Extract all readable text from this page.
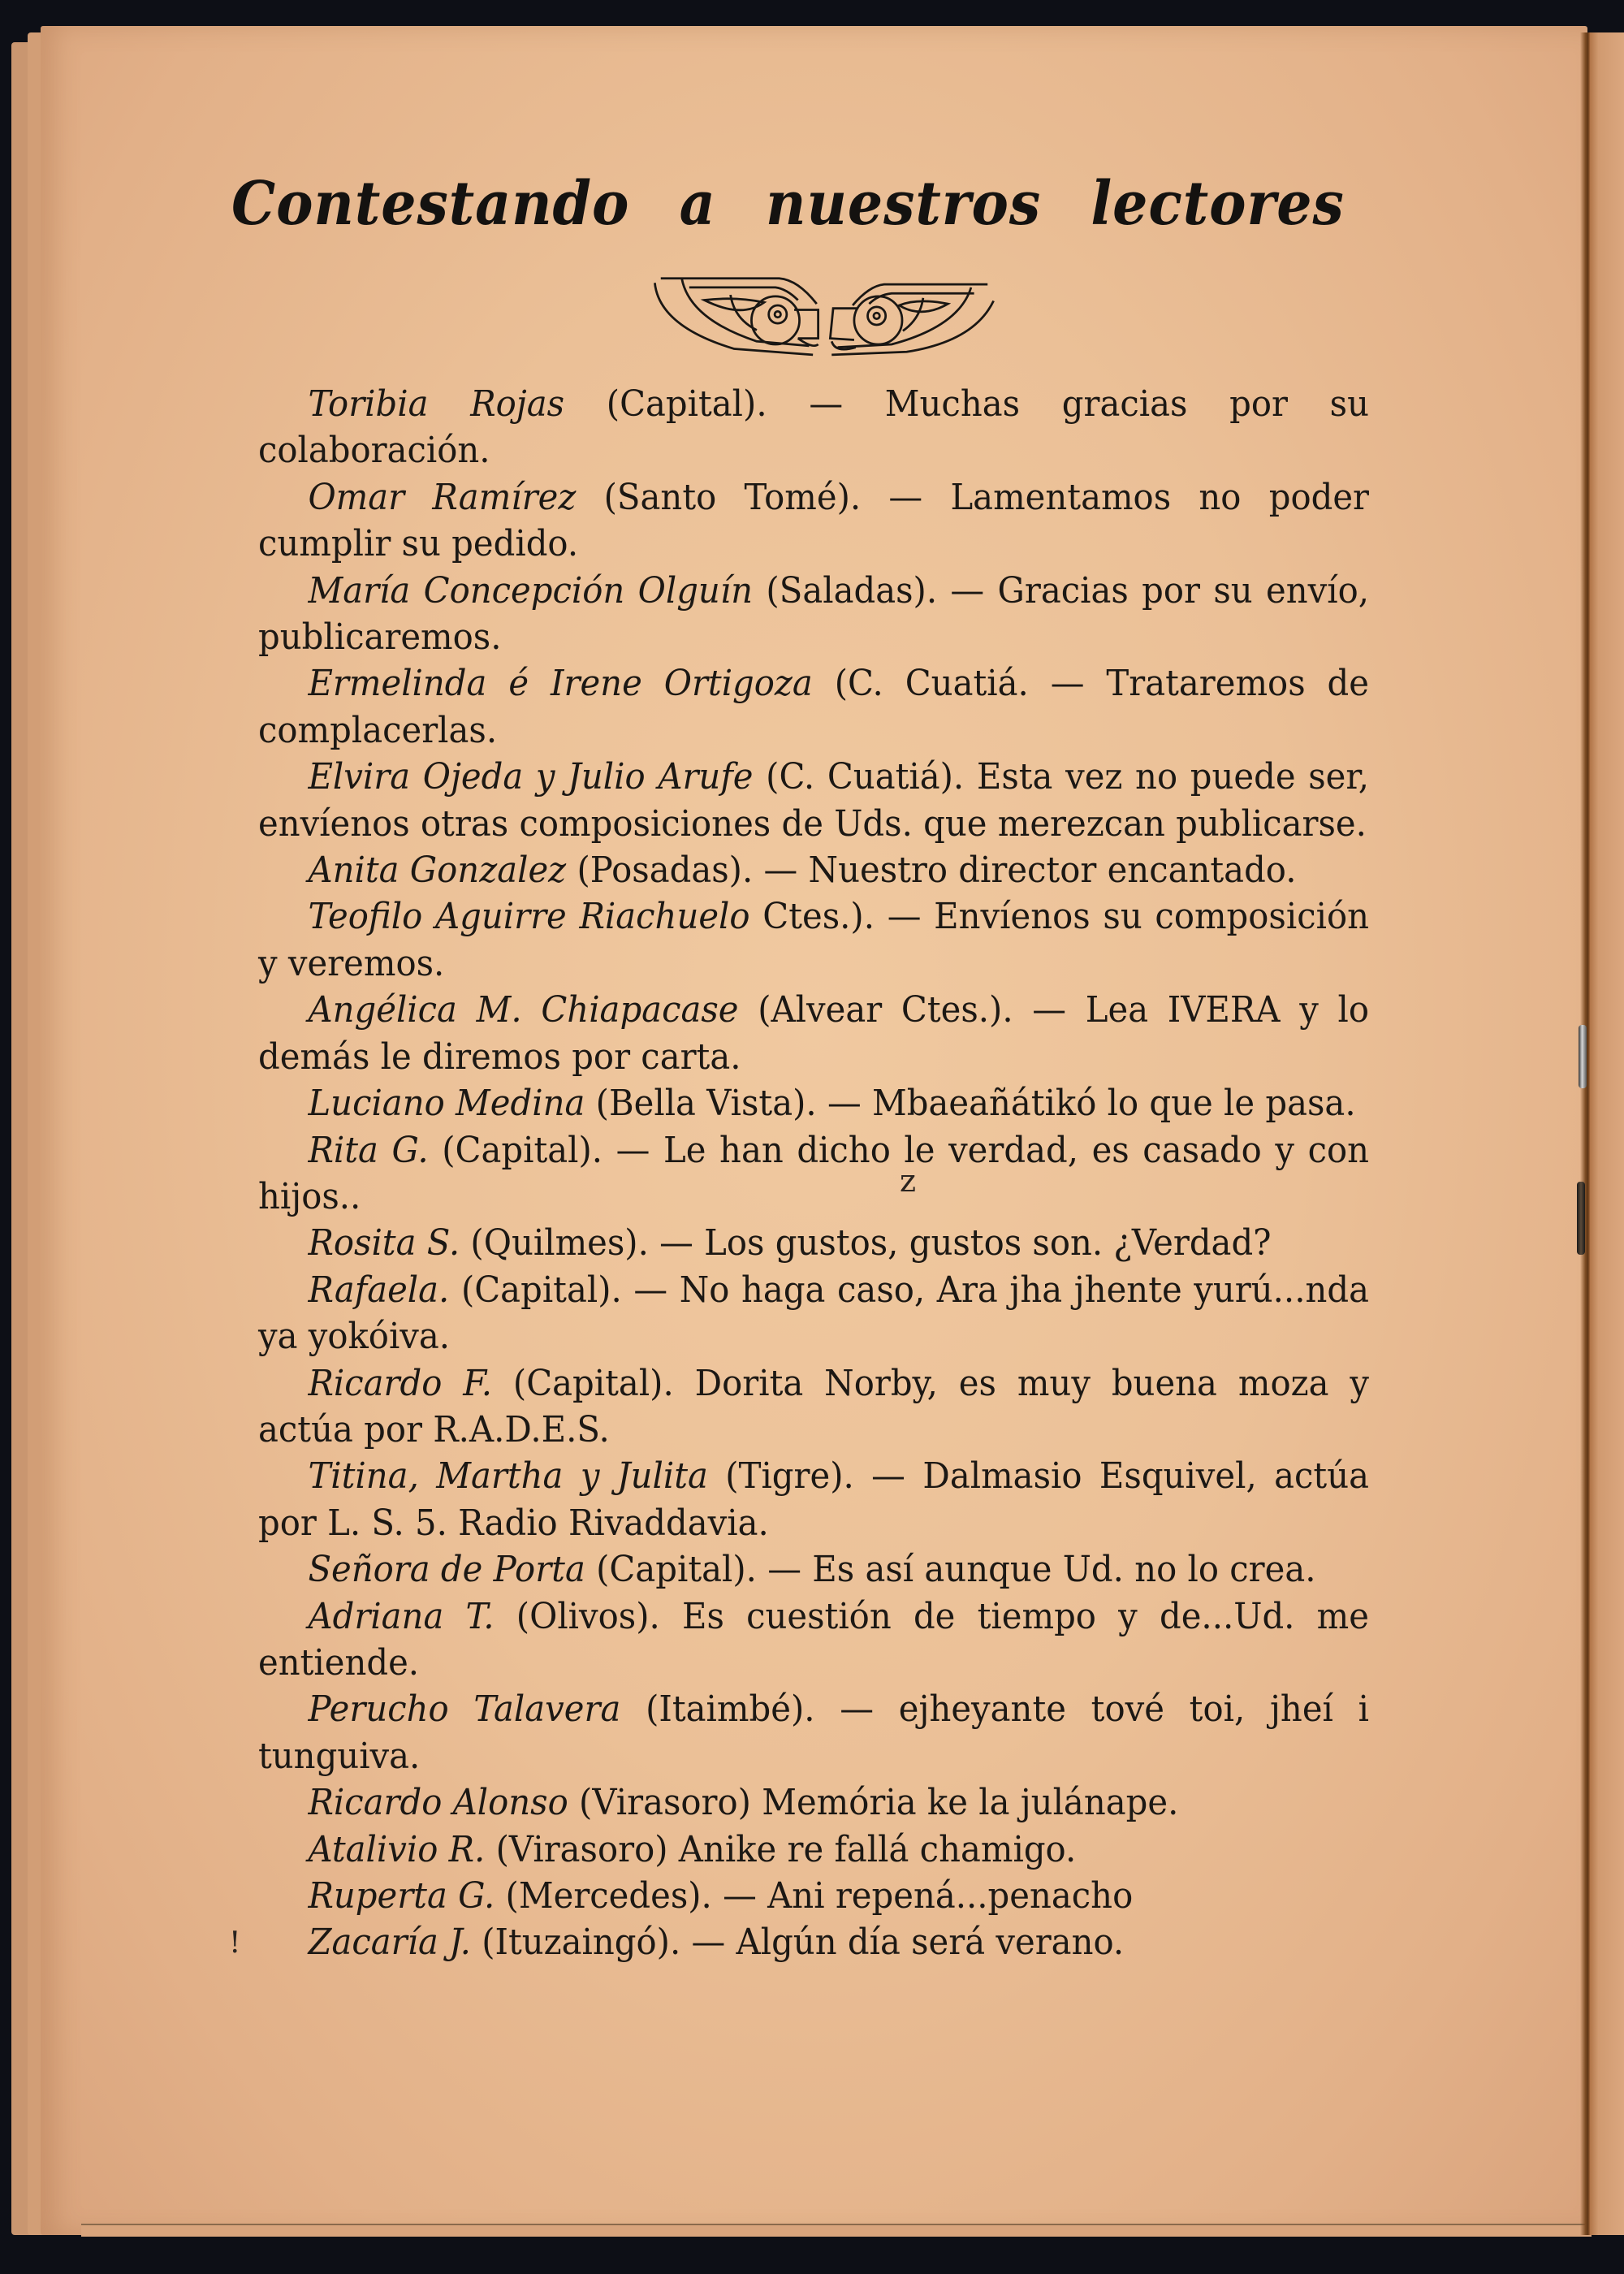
Contestando a nuestros lectores

Toribia Rojas (Capital). — Muchas gracias por su colaboración.

Omar Ramírez (Santo Tomé). — Lamentamos no poder cumplir su pedido.

María Concepción Olguín (Saladas). — Gracias por su envío, publicaremos.

Ermelinda é Irene Ortigoza (C. Cuatiá. — Trataremos de complacerlas.

Elvira Ojeda y Julio Arufe (C. Cuatiá). Esta vez no puede ser, envíenos otras composiciones de Uds. que merezcan publicarse.

Anita Gonzalez (Posadas). — Nuestro director encantado.

Teofilo Aguirre Riachuelo Ctes.). — Envíenos su composición y veremos.

Angélica M. Chiapacase (Alvear Ctes.). — Lea IVERA y lo demás le diremos por carta.

Luciano Medina (Bella Vista). — Mbaeañátikó lo que le pasa.

Rita G. (Capital). — Le han dicho le verdad, es casado y con hijos..

Rosita S. (Quilmes). — Los gustos, gustos son. ¿Verdad?

Rafaela. (Capital). — No haga caso, Ara jha jhente yurú...nda ya yokóiva.

Ricardo F. (Capital). Dorita Norby, es muy buena moza y actúa por R.A.D.E.S.

Titina, Martha y Julita (Tigre). — Dalmasio Esquivel, actúa por L. S. 5. Radio Rivaddavia.

Señora de Porta (Capital). — Es así aunque Ud. no lo crea.

Adriana T. (Olivos). Es cuestión de tiempo y de...Ud. me entiende.

Perucho Talavera (Itaimbé). — ejheyante tové toi, jheí i tunguiva.

Ricardo Alonso (Virasoro) Memória ke la julánape.

Atalivio R. (Virasoro) Anike re fallá chamigo.

Ruperta G. (Mercedes). — Ani repená...penacho

Zacaría J. (Ituzaingó). — Algún día será verano.

z
!
